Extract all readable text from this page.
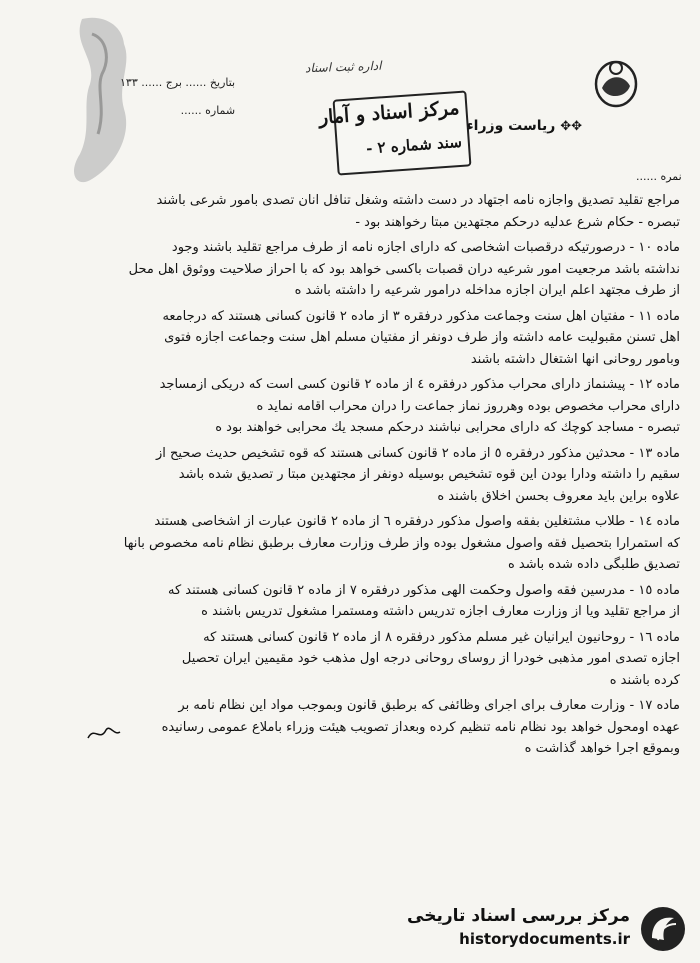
اداره ثبت اسناد
مرکز اسناد و آمار
سند شماره ۲ -
بتاريخ ...... برج ...... ۱۳۳
شماره ......
✥✥ ریاست وزراء
نمره ......
مراجع تقليد تصديق واجازه نامه اجتهاد در دست داشته وشغل تنافل انان تصدى بامور شرعى باشند
تبصره - حكام شرع عدليه درحكم مجتهدين مبتا رخواهند بود -
ماده ۱۰ - درصورتيكه درقصبات اشخاصى كه داراى اجازه نامه از طرف مراجع تقليد باشند وجود
نداشته باشد مرجعيت امور شرعيه دران قصبات باكسى خواهد بود كه با احراز صلاحيت ووثوق اهل محل
از طرف مجتهد اعلم ايران اجازه مداخله درامور شرعيه را داشته باشد ه
ماده ۱۱ - مفتيان اهل سنت وجماعت مذكور درفقره ۳ از ماده ۲ قانون كسانى هستند كه درجامعه
اهل تسنن مقبوليت عامه داشته واز طرف دونفر از مفتيان مسلم اهل سنت وجماعت اجازه فتوى
وبامور روحانى انها اشتغال داشته باشند
ماده ۱۲ - پيشنماز داراى محراب مذكور درفقره ٤ از ماده ۲ قانون كسى است كه دريكى ازمساجد
داراى محراب مخصوص بوده وهرروز نماز جماعت را دران محراب اقامه نمايد ه
تبصره - مساجد كوچك كه داراى محرابى نباشند درحكم مسجد يك محرابى خواهند بود ه
ماده ۱۳ - محدثين مذكور درفقره ٥ از ماده ۲ قانون كسانى هستند كه قوه تشخيص حديث صحيح از
سقيم را داشته ودارا بودن اين قوه تشخيص بوسيله دونفر از مجتهدين مبتا ر تصديق شده باشد
علاوه براين بايد معروف بحسن اخلاق باشند ه
ماده ۱٤ - طلاب مشتغلين بفقه واصول مذكور درفقره ٦ از ماده ۲ قانون عبارت از اشخاصى هستند
كه استمرارا بتحصيل فقه واصول مشغول بوده واز طرف وزارت معارف برطبق نظام نامه مخصوص بانها
تصديق طلبگى داده شده باشد ه
ماده ۱٥ - مدرسين فقه واصول وحكمت الهى مذكور درفقره ۷ از ماده ۲ قانون كسانى هستند كه
از مراجع تقليد ويا از وزارت معارف اجازه تدريس داشته ومستمرا مشغول تدريس باشند ه
ماده ۱٦ - روحانيون ايرانيان غير مسلم مذكور درفقره ۸ از ماده ۲ قانون كسانى هستند كه
اجازه تصدى امور مذهبى خودرا از روساى روحانى درجه اول مذهب خود مقيمين ايران تحصيل
كرده باشند ه
ماده ۱۷ - وزارت معارف براى اجراى وظائفى كه برطبق قانون وبموجب مواد اين نظام نامه بر
عهده اومحول خواهد بود نظام نامه تنظيم كرده وبعداز تصويب هيئت وزراء باملاع عمومى رسانيده
وبموقع اجرا خواهد گذاشت ه
مرکز بررسی اسناد تاریخی
historydocuments.ir
